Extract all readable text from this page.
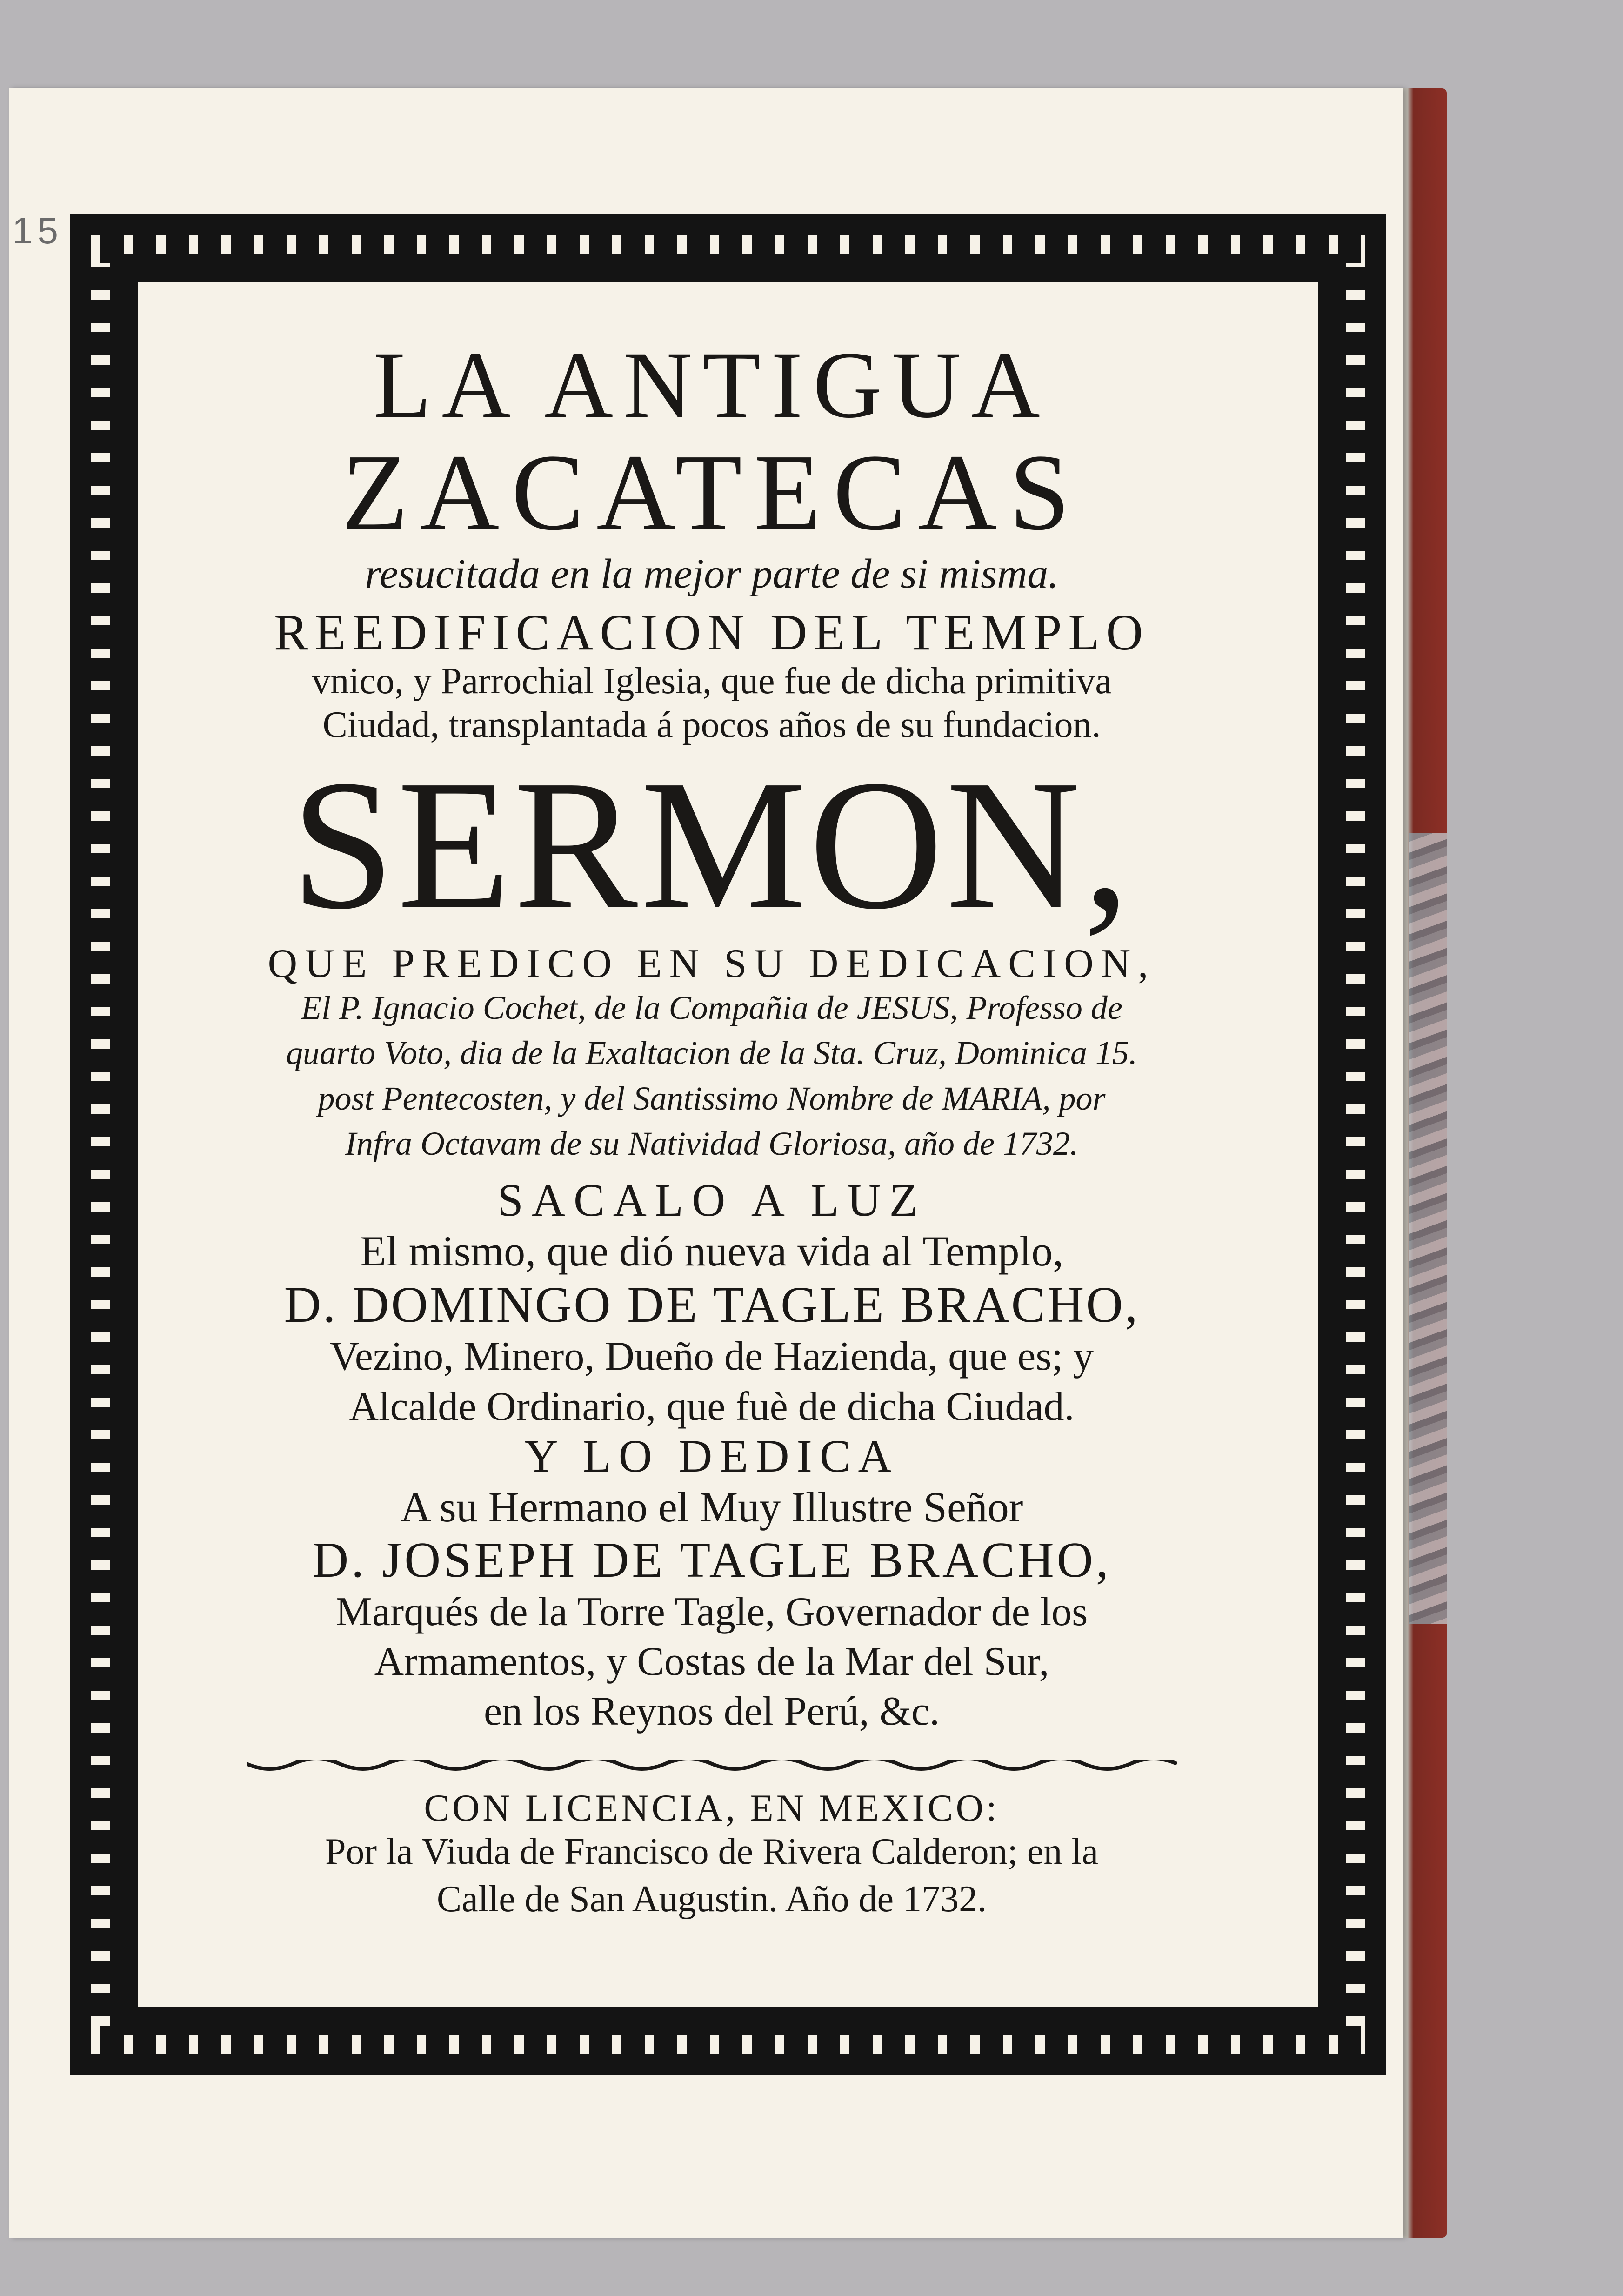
15
LA ANTIGUA
ZACATECAS
resucitada en la mejor parte de si misma.
REEDIFICACION DEL TEMPLO
vnico, y Parrochial Iglesia, que fue de dicha primitiva
Ciudad, transplantada á pocos años de su fundacion.
SERMON,
QUE PREDICO EN SU DEDICACION,
El P. Ignacio Cochet, de la Compañia de JESUS, Professo de
quarto Voto, dia de la Exaltacion de la Sta. Cruz, Dominica 15.
post Pentecosten, y del Santissimo Nombre de MARIA, por
Infra Octavam de su Natividad Gloriosa, año de 1732.
SACALO A LUZ
El mismo, que dió nueva vida al Templo,
D. DOMINGO DE TAGLE BRACHO,
Vezino, Minero, Dueño de Hazienda, que es; y
Alcalde Ordinario, que fuè de dicha Ciudad.
Y LO DEDICA
A su Hermano el Muy Illustre Señor
D. JOSEPH DE TAGLE BRACHO,
Marqués de la Torre Tagle, Governador de los
Armamentos, y Costas de la Mar del Sur,
en los Reynos del Perú, &c.
CON LICENCIA, EN MEXICO:
Por la Viuda de Francisco de Rivera Calderon; en la
Calle de San Augustin. Año de 1732.
